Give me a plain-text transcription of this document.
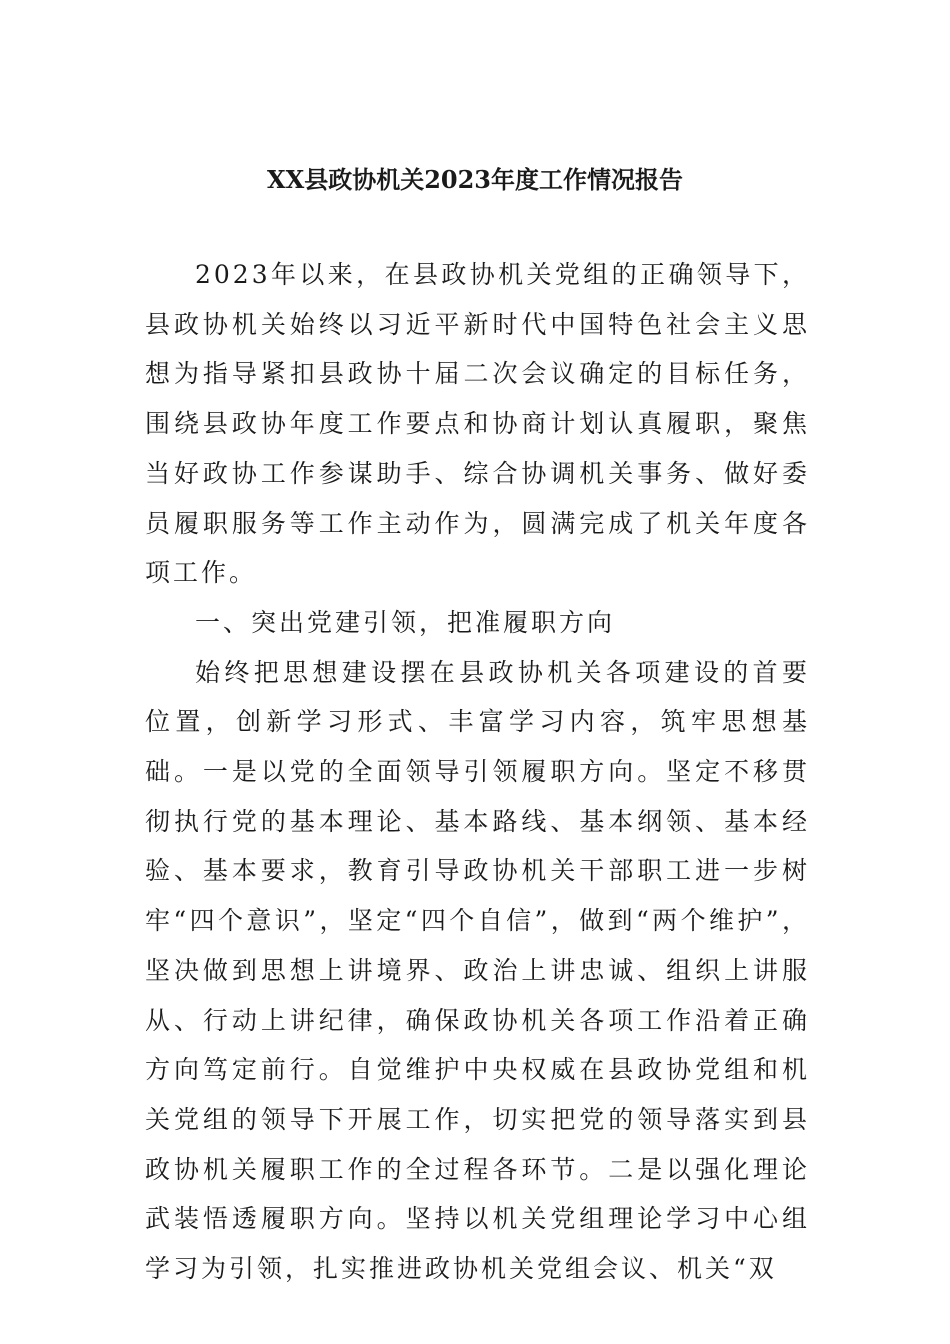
XX县政协机关2023年度工作情况报告

2023年以来，在县政协机关党组的正确领导下，县政协机关始终以习近平新时代中国特色社会主义思想为指导紧扣县政协十届二次会议确定的目标任务，围绕县政协年度工作要点和协商计划认真履职，聚焦当好政协工作参谋助手、综合协调机关事务、做好委员履职服务等工作主动作为，圆满完成了机关年度各项工作。

一、突出党建引领，把准履职方向

始终把思想建设摆在县政协机关各项建设的首要位置，创新学习形式、丰富学习内容，筑牢思想基础。一是以党的全面领导引领履职方向。坚定不移贯彻执行党的基本理论、基本路线、基本纲领、基本经验、基本要求，教育引导政协机关干部职工进一步树牢“四个意识”，坚定“四个自信”，做到“两个维护”，坚决做到思想上讲境界、政治上讲忠诚、组织上讲服从、行动上讲纪律，确保政协机关各项工作沿着正确方向笃定前行。自觉维护中央权威在县政协党组和机关党组的领导下开展工作，切实把党的领导落实到县政协机关履职工作的全过程各环节。二是以强化理论武装悟透履职方向。坚持以机关党组理论学习中心组学习为引领，扎实推进政协机关党组会议、机关“双
